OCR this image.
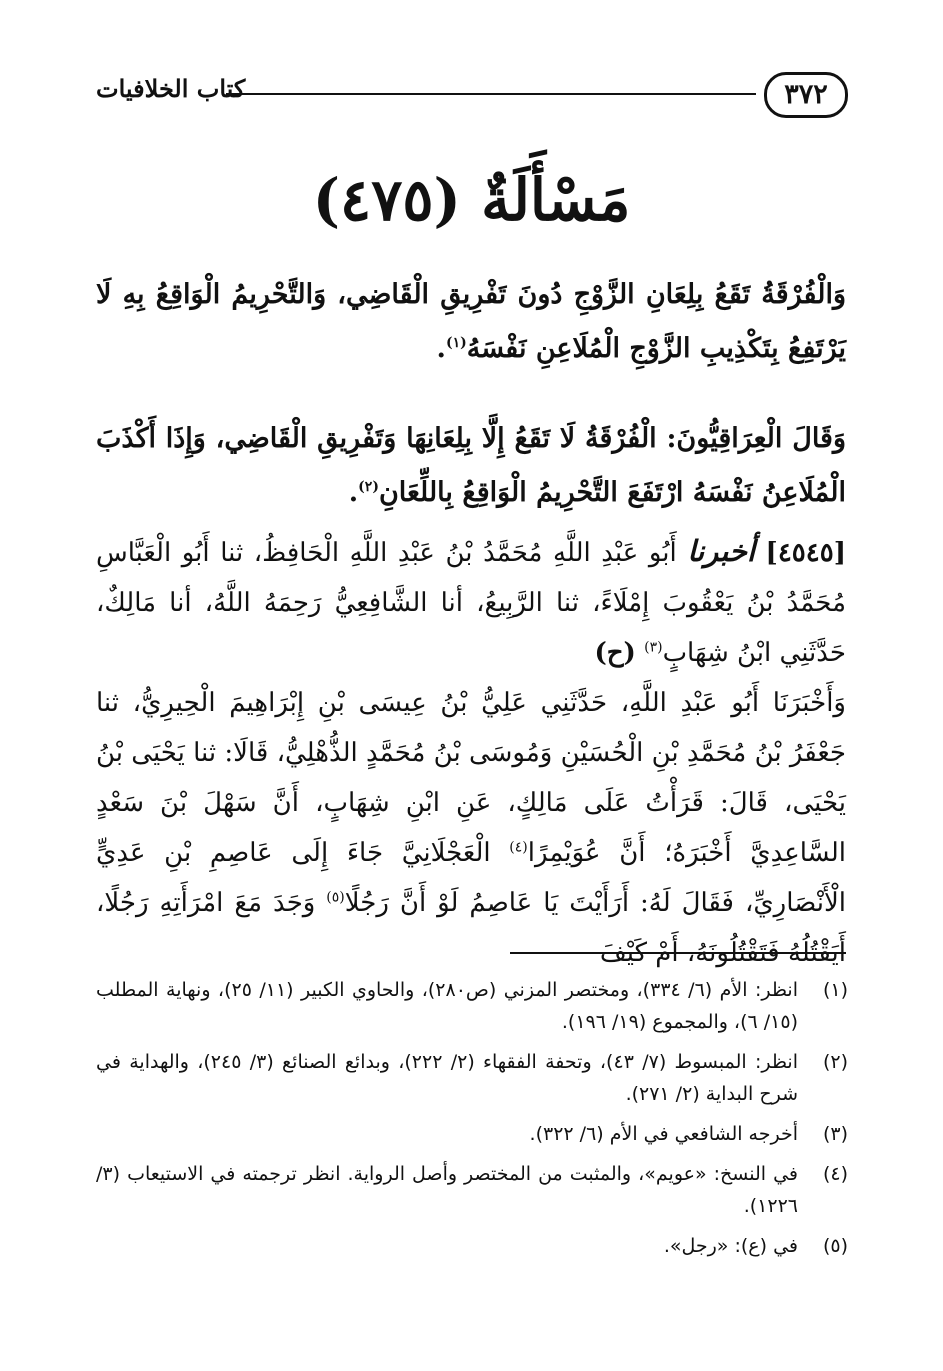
٣٧٢
كتاب الخلافيات
مَسْأَلَةٌ (٤٧٥)
وَالْفُرْقَةُ تَقَعُ بِلِعَانِ الزَّوْجِ دُونَ تَفْرِيقِ الْقَاضِي، وَالتَّحْرِيمُ الْوَاقِعُ بِهِ لَا يَرْتَفِعُ بِتَكْذِيبِ الزَّوْجِ الْمُلَاعِنِ نَفْسَهُ$^{(١)}$.
وَقَالَ الْعِرَاقِيُّونَ: الْفُرْقَةُ لَا تَقَعُ إِلَّا بِلِعَانِهَا وَتَفْرِيقِ الْقَاضِي، وَإِذَا أَكْذَبَ الْمُلَاعِنُ نَفْسَهُ ارْتَفَعَ التَّحْرِيمُ الْوَاقِعُ بِاللِّعَانِ$^{(٢)}$.
[٤٥٤٥] أخبرنا أَبُو عَبْدِ اللَّهِ مُحَمَّدُ بْنُ عَبْدِ اللَّهِ الْحَافِظُ، ثنا أَبُو الْعَبَّاسِ مُحَمَّدُ بْنُ يَعْقُوبَ إِمْلَاءً، ثنا الرَّبِيعُ، أنا الشَّافِعِيُّ رَحِمَهُ اللَّهُ، أنا مَالِكٌ، حَدَّثَنِي ابْنُ شِهَابٍ$^{(٣)}$ (ح)
وَأَخْبَرَنَا أَبُو عَبْدِ اللَّهِ، حَدَّثَنِي عَلِيُّ بْنُ عِيسَى بْنِ إِبْرَاهِيمَ الْحِيرِيُّ، ثنا جَعْفَرُ بْنُ مُحَمَّدِ بْنِ الْحُسَيْنِ وَمُوسَى بْنُ مُحَمَّدٍ الذُّهْلِيُّ، قَالَا: ثنا يَحْيَى بْنُ يَحْيَى، قَالَ: قَرَأْتُ عَلَى مَالِكٍ، عَنِ ابْنِ شِهَابٍ، أَنَّ سَهْلَ بْنَ سَعْدٍ السَّاعِدِيَّ أَخْبَرَهُ؛ أَنَّ عُوَيْمِرًا$^{(٤)}$ الْعَجْلَانِيَّ جَاءَ إِلَى عَاصِمِ بْنِ عَدِيٍّ الْأَنْصَارِيِّ، فَقَالَ لَهُ: أَرَأَيْتَ يَا عَاصِمُ لَوْ أَنَّ رَجُلًا$^{(٥)}$ وَجَدَ مَعَ امْرَأَتِهِ رَجُلًا، أَيَقْتُلُهُ فَتَقْتُلُونَهُ، أَمْ كَيْفَ
(١)
انظر: الأم (٦/ ٣٣٤)، ومختصر المزني (ص٢٨٠)، والحاوي الكبير (١١/ ٢٥)، ونهاية المطلب (١٥/ ٦)، والمجموع (١٩/ ١٩٦).
(٢)
انظر: المبسوط (٧/ ٤٣)، وتحفة الفقهاء (٢/ ٢٢٢)، وبدائع الصنائع (٣/ ٢٤٥)، والهداية في شرح البداية (٢/ ٢٧١).
(٣)
أخرجه الشافعي في الأم (٦/ ٣٢٢).
(٤)
في النسخ: «عويم»، والمثبت من المختصر وأصل الرواية. انظر ترجمته في الاستيعاب (٣/ ١٢٢٦).
(٥)
في (ع): «رجل».
